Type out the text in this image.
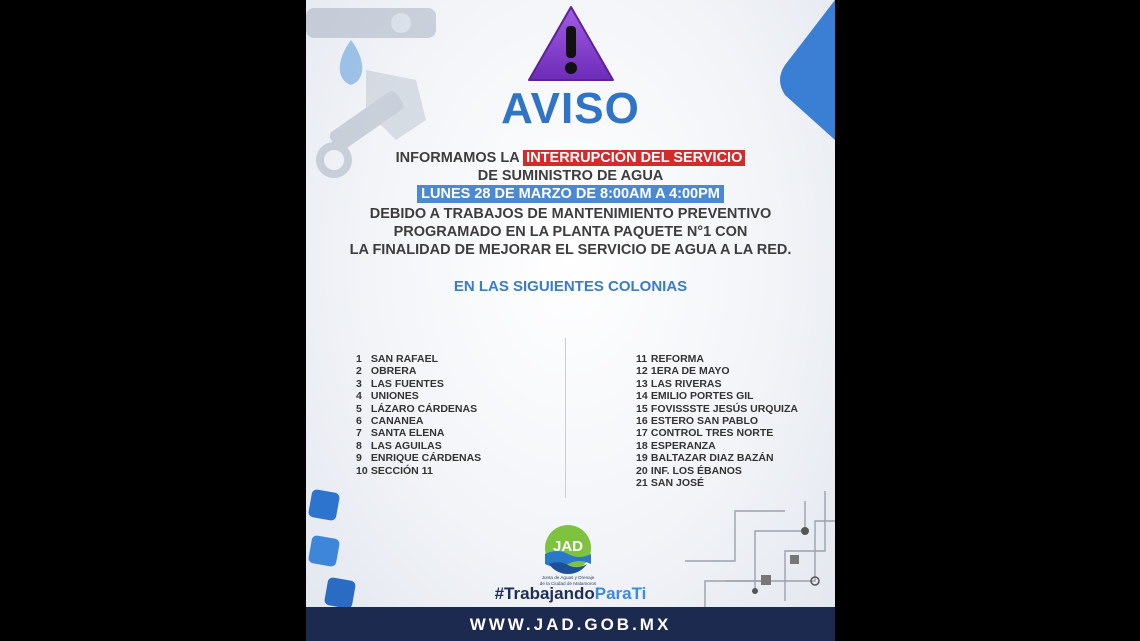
AVISO
INFORMAMOS LA INTERRUPCIÓN DEL SERVICIO
DE SUMINISTRO DE AGUA
LUNES 28 DE MARZO DE 8:00AM A 4:00PM
DEBIDO A TRABAJOS DE MANTENIMIENTO PREVENTIVO
PROGRAMADO EN LA PLANTA PAQUETE N°1 CON
LA FINALIDAD DE MEJORAR EL SERVICIO DE AGUA A LA RED.
EN LAS SIGUIENTES COLONIAS
1 SAN RAFAEL
2 OBRERA
3 LAS FUENTES
4 UNIONES
5 LÁZARO CÁRDENAS
6 CANANEA
7 SANTA ELENA
8 LAS AGUILAS
9 ENRIQUE CÁRDENAS
10 SECCIÓN 11
11 REFORMA
12 1ERA DE MAYO
13 LAS RIVERAS
14 EMILIO PORTES GIL
15 FOVISSSTE JESÚS URQUIZA
16 ESTERO SAN PABLO
17 CONTROL TRES NORTE
18 ESPERANZA
19 BALTAZAR DIAZ BAZÁN
20 INF. LOS ÉBANOS
21 SAN JOSÉ
JAD
Junta de Aguas y Drenaje
de la Ciudad de Matamoros
#TrabajandoParaTi
WWW.JAD.GOB.MX
